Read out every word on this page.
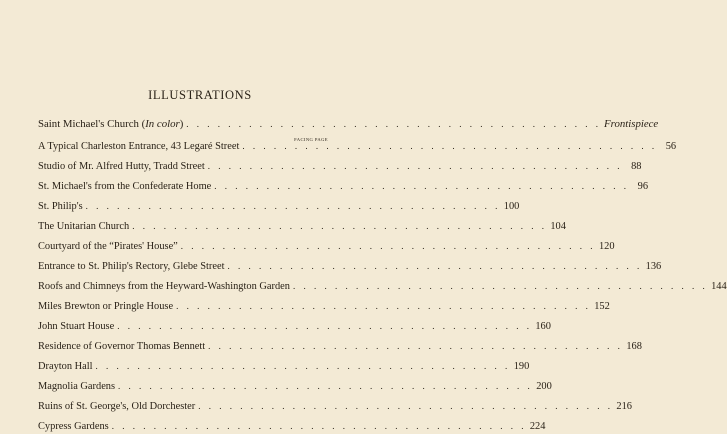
ILLUSTRATIONS
Saint Michael's Church (In color) . . . . . . . . . . . . . . . . . . . . . . . . . . . . . . . . . . . . . . . . Frontispiece
FACING PAGE
A Typical Charleston Entrance, 43 Legaré Street . . . . . . . . . . . . . . . . . . . . . . . . . . . . . . . . . . . . . . . . 56
Studio of Mr. Alfred Hutty, Tradd Street . . . . . . . . . . . . . . . . . . . . . . . . . . . . . . . . . . . . . . . . 88
St. Michael's from the Confederate Home . . . . . . . . . . . . . . . . . . . . . . . . . . . . . . . . . . . . . . . . 96
St. Philip's . . . . . . . . . . . . . . . . . . . . . . . . . . . . . . . . . . . . . . . . 100
The Unitarian Church . . . . . . . . . . . . . . . . . . . . . . . . . . . . . . . . . . . . . . . . 104
Courtyard of the “Pirates' House” . . . . . . . . . . . . . . . . . . . . . . . . . . . . . . . . . . . . . . . . 120
Entrance to St. Philip's Rectory, Glebe Street . . . . . . . . . . . . . . . . . . . . . . . . . . . . . . . . . . . . . . . . 136
Roofs and Chimneys from the Heyward-Washington Garden . . . . . . . . . . . . . . . . . . . . . . . . . . . . . . . . . . . . . . . . 144
Miles Brewton or Pringle House . . . . . . . . . . . . . . . . . . . . . . . . . . . . . . . . . . . . . . . . 152
John Stuart House . . . . . . . . . . . . . . . . . . . . . . . . . . . . . . . . . . . . . . . . 160
Residence of Governor Thomas Bennett . . . . . . . . . . . . . . . . . . . . . . . . . . . . . . . . . . . . . . . . 168
Drayton Hall . . . . . . . . . . . . . . . . . . . . . . . . . . . . . . . . . . . . . . . . 190
Magnolia Gardens . . . . . . . . . . . . . . . . . . . . . . . . . . . . . . . . . . . . . . . . 200
Ruins of St. George's, Old Dorchester . . . . . . . . . . . . . . . . . . . . . . . . . . . . . . . . . . . . . . . . 216
Cypress Gardens . . . . . . . . . . . . . . . . . . . . . . . . . . . . . . . . . . . . . . . . 224
